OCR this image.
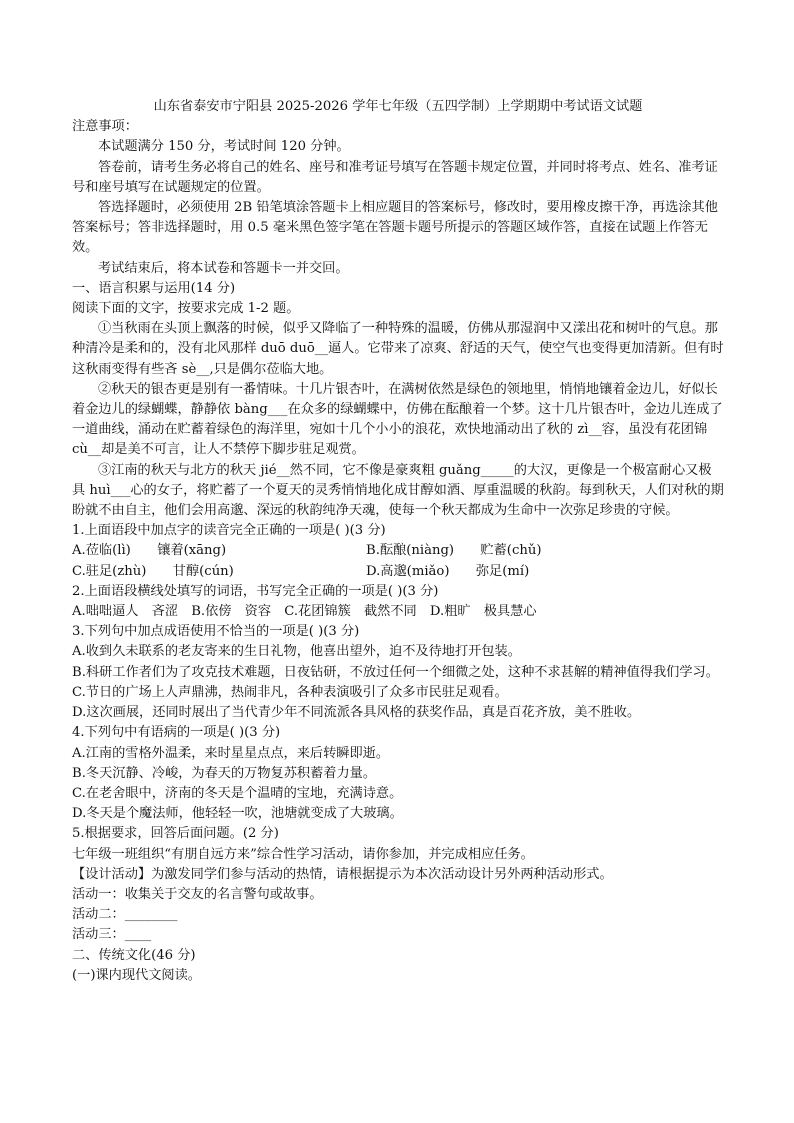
山东省泰安市宁阳县 2025-2026 学年七年级（五四学制）上学期期中考试语文试题

注意事项：

本试题满分 150 分，考试时间 120 分钟。

答卷前，请考生务必将自己的姓名、座号和准考证号填写在答题卡规定位置，并同时将考点、姓名、准考证号和座号填写在试题规定的位置。

答选择题时，必须使用 2B 铅笔填涂答题卡上相应题目的答案标号，修改时，要用橡皮擦干净，再选涂其他答案标号；答非选择题时，用 0.5 毫米黑色签字笔在答题卡题号所提示的答题区域作答，直接在试题上作答无效。

考试结束后，将本试卷和答题卡一并交回。

一、语言积累与运用(14 分)

阅读下面的文字，按要求完成 1-2 题。

①当秋雨在头顶上飘落的时候，似乎又降临了一种特殊的温暖，仿佛从那湿润中又漾出花和树叶的气息。那种清冷是柔和的，没有北风那样 duō duō__逼人。它带来了凉爽、舒适的天气，使空气也变得更加清新。但有时这秋雨变得有些吝 sè__,只是偶尔莅临大地。

②秋天的银杏更是别有一番情味。十几片银杏叶，在满树依然是绿色的领地里，悄悄地镶着金边儿，好似长着金边儿的绿蝴蝶，静静依 bàng___在众多的绿蝴蝶中，仿佛在酝酿着一个梦。这十几片银杏叶，金边儿连成了一道曲线，涌动在贮蓄着绿色的海洋里，宛如十几个小小的浪花，欢快地涌动出了秋的 zì__容，虽没有花团锦 cù__却是美不可言，让人不禁停下脚步驻足观赏。

③江南的秋天与北方的秋天 jié__然不同，它不像是豪爽粗 guǎng_____的大汉，更像是一个极富耐心又极具 huì___心的女子，将贮蓄了一个夏天的灵秀悄悄地化成甘醇如酒、厚重温暖的秋韵。每到秋天，人们对秋的期盼就不由自主，他们会用高邈、深远的秋韵纯净天魂，使每一个秋天都成为生命中一次弥足珍贵的守候。

1.上面语段中加点字的读音完全正确的一项是( )(3 分)

A.莅临(lì)　　镶着(xāng)	B.酝酿(niàng)　　贮蓄(chǔ)
C.驻足(zhù)　　甘醇(cún)	D.高邈(miǎo)　　弥足(mí)

2.上面语段横线处填写的词语，书写完全正确的一项是( )(3 分)

A.咄咄逼人　吝涩　B.依傍　资容　C.花团锦簇　截然不同　D.粗旷　极具慧心

3.下列句中加点成语使用不恰当的一项是( )(3 分)

A.收到久未联系的老友寄来的生日礼物，他喜出望外，迫不及待地打开包装。

B.科研工作者们为了攻克技术难题，日夜钻研，不放过任何一个细微之处，这种不求甚解的精神值得我们学习。

C.节日的广场上人声鼎沸，热闹非凡，各种表演吸引了众多市民驻足观看。

D.这次画展，还同时展出了当代青少年不同流派各具风格的获奖作品，真是百花齐放，美不胜收。

4.下列句中有语病的一项是( )(3 分)

A.江南的雪格外温柔，来时星星点点，来后转瞬即逝。

B.冬天沉静、冷峻，为春天的万物复苏积蓄着力量。

C.在老舍眼中，济南的冬天是个温晴的宝地，充满诗意。

D.冬天是个魔法师，他轻轻一吹，池塘就变成了大玻璃。

5.根据要求，回答后面问题。(2 分)

七年级一班组织“有朋自远方来”综合性学习活动，请你参加，并完成相应任务。

【设计活动】为激发同学们参与活动的热情，请根据提示为本次活动设计另外两种活动形式。

活动一：收集关于交友的名言警句或故事。

活动二：________

活动三：____

二、传统文化(46 分)

(一)课内现代文阅读。
